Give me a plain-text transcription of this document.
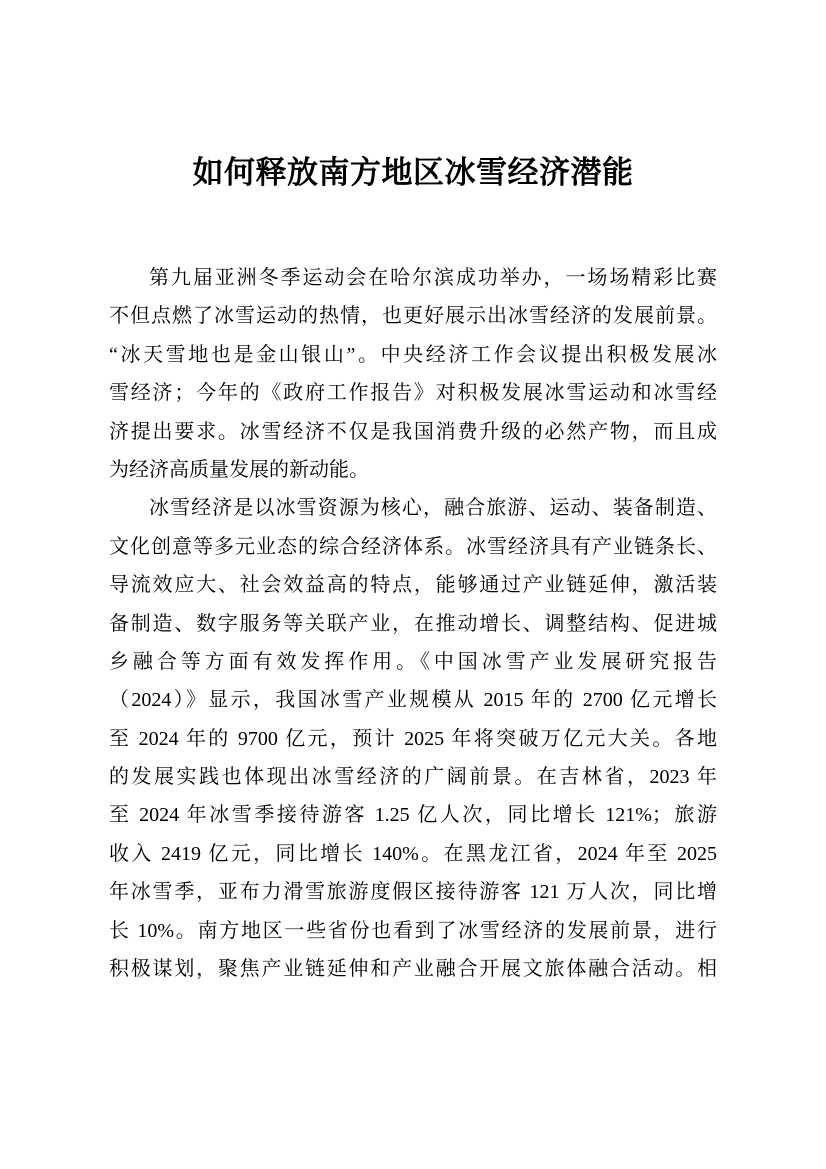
如何释放南方地区冰雪经济潜能

第九届亚洲冬季运动会在哈尔滨成功举办，一场场精彩比赛
不但点燃了冰雪运动的热情，也更好展示出冰雪经济的发展前景。
“冰天雪地也是金山银山”。中央经济工作会议提出积极发展冰
雪经济；今年的《政府工作报告》对积极发展冰雪运动和冰雪经
济提出要求。冰雪经济不仅是我国消费升级的必然产物，而且成
为经济高质量发展的新动能。

冰雪经济是以冰雪资源为核心，融合旅游、运动、装备制造、
文化创意等多元业态的综合经济体系。冰雪经济具有产业链条长、
导流效应大、社会效益高的特点，能够通过产业链延伸，激活装
备制造、数字服务等关联产业，在推动增长、调整结构、促进城
乡融合等方面有效发挥作用。《中国冰雪产业发展研究报告
（2024）》显示，我国冰雪产业规模从 2015 年的 2700 亿元增长
至 2024 年的 9700 亿元，预计 2025 年将突破万亿元大关。各地
的发展实践也体现出冰雪经济的广阔前景。在吉林省，2023 年
至 2024 年冰雪季接待游客 1.25 亿人次，同比增长 121%；旅游
收入 2419 亿元，同比增长 140%。在黑龙江省，2024 年至 2025
年冰雪季，亚布力滑雪旅游度假区接待游客 121 万人次，同比增
长 10%。南方地区一些省份也看到了冰雪经济的发展前景，进行
积极谋划，聚焦产业链延伸和产业融合开展文旅体融合活动。相
